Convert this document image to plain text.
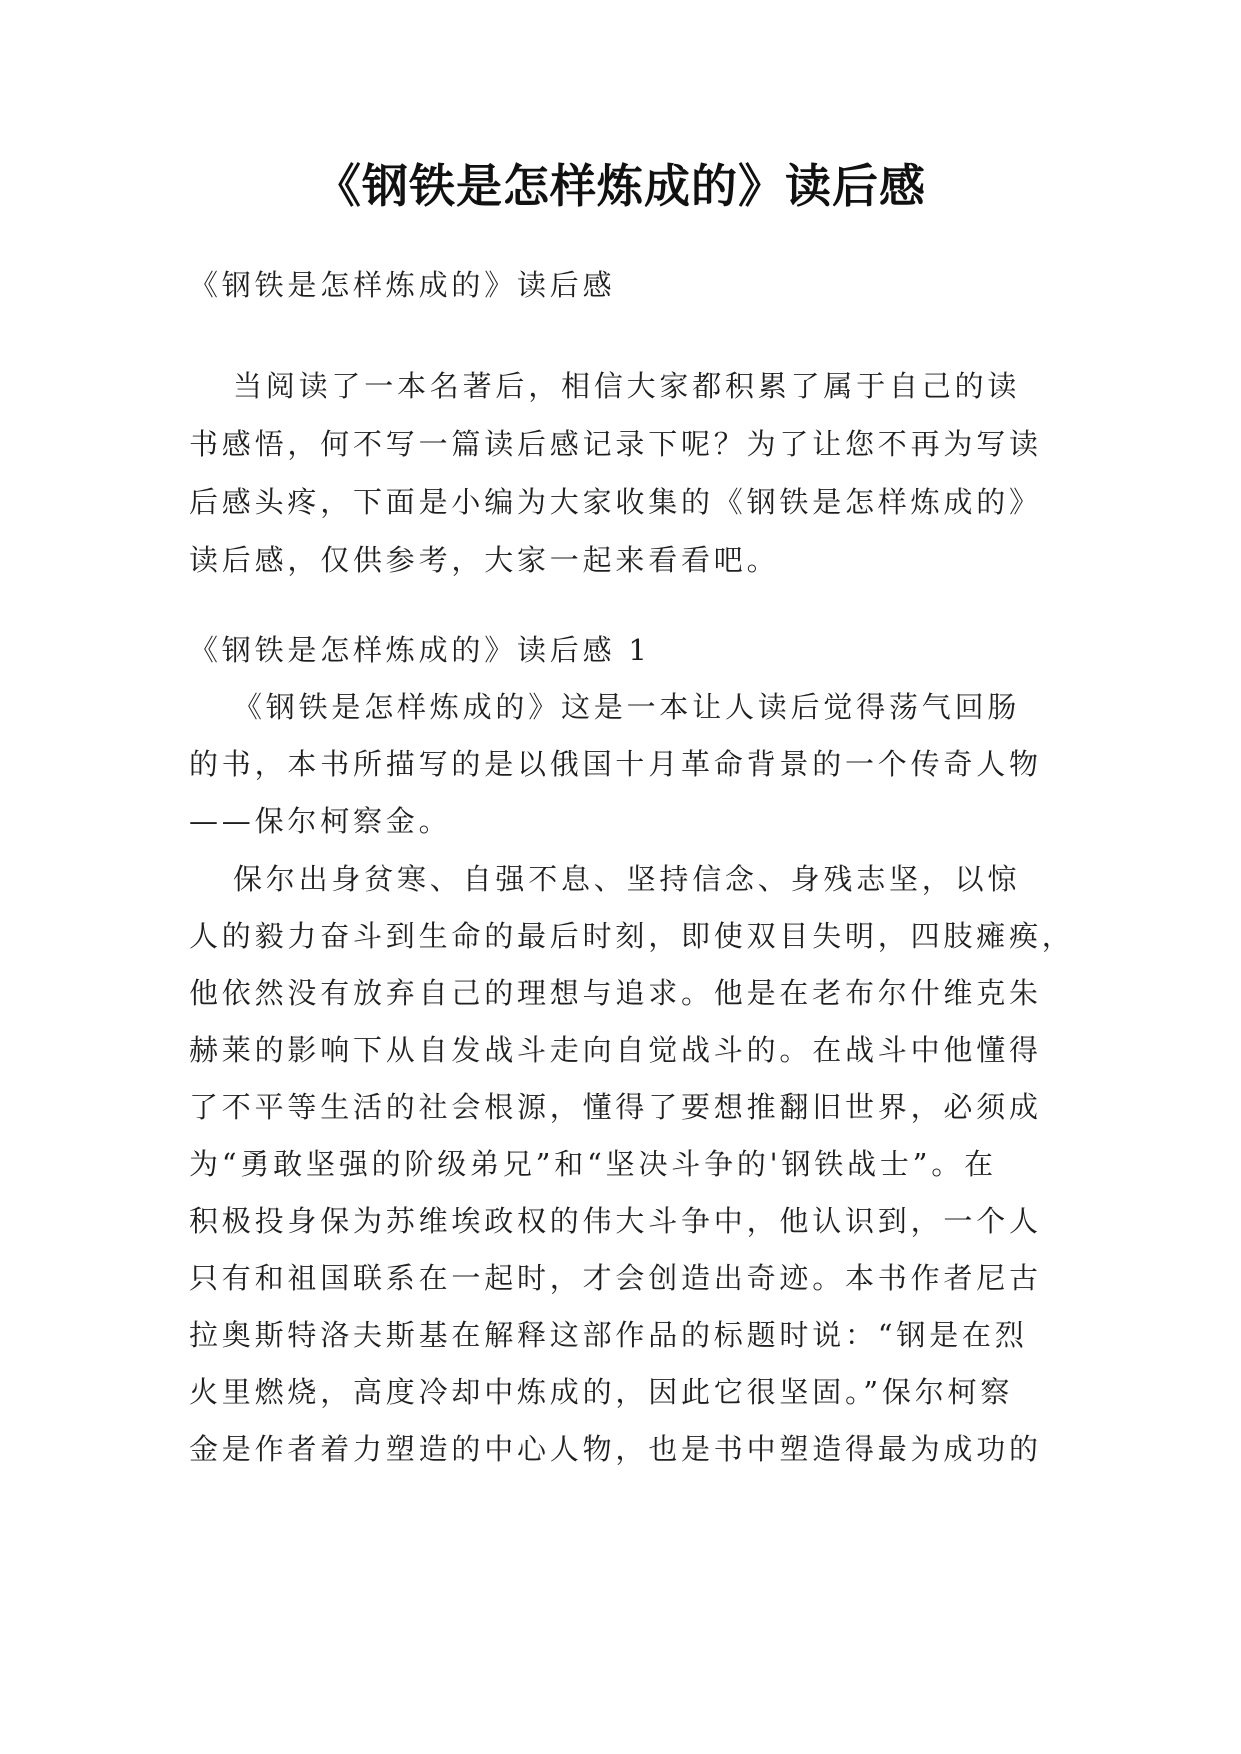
《钢铁是怎样炼成的》读后感
《钢铁是怎样炼成的》读后感
当阅读了一本名著后，相信大家都积累了属于自己的读
书感悟，何不写一篇读后感记录下呢？为了让您不再为写读
后感头疼，下面是小编为大家收集的《钢铁是怎样炼成的》
读后感，仅供参考，大家一起来看看吧。
《钢铁是怎样炼成的》读后感 1
《钢铁是怎样炼成的》这是一本让人读后觉得荡气回肠
的书，本书所描写的是以俄国十月革命背景的一个传奇人物
——保尔柯察金。
保尔出身贫寒、自强不息、坚持信念、身残志坚，以惊
人的毅力奋斗到生命的最后时刻，即使双目失明，四肢瘫痪，
他依然没有放弃自己的理想与追求。他是在老布尔什维克朱
赫莱的影响下从自发战斗走向自觉战斗的。在战斗中他懂得
了不平等生活的社会根源，懂得了要想推翻旧世界，必须成
为“勇敢坚强的阶级弟兄”和“坚决斗争的'钢铁战士”。在
积极投身保为苏维埃政权的伟大斗争中，他认识到，一个人
只有和祖国联系在一起时，才会创造出奇迹。本书作者尼古
拉奥斯特洛夫斯基在解释这部作品的标题时说：“钢是在烈
火里燃烧，高度冷却中炼成的，因此它很坚固。”保尔柯察
金是作者着力塑造的中心人物，也是书中塑造得最为成功的
